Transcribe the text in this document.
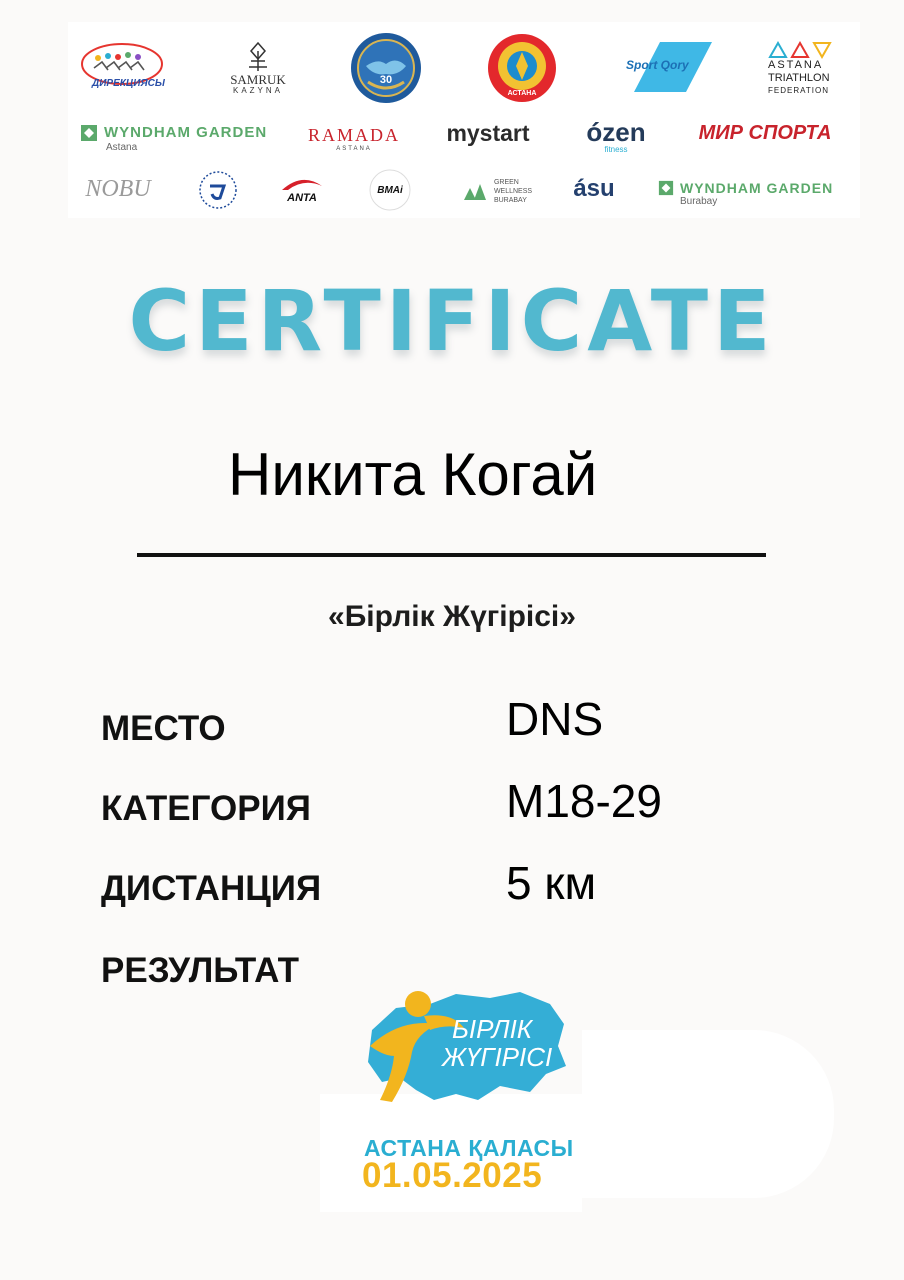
ДИРЕКЦИЯСЫ	SAMRUK
KAZYNA
30
АСТАНА
Sport Qory	ASTANA
TRIATHLON
FEDERATION
WYNDHAM GARDEN
Astana
RAMADA
ASTANA
mystart ózen
fitness
МИР СПОРТА
NOBU	ANTA
BMAi
GREEN
WELLNESS
BURABAY ásu	WYNDHAM GARDEN
Burabay
CERTIFICATE
Никита Когай
«Бірлік Жүгірісі»
МЕСТО	DNS
КАТЕГОРИЯ	М18-29
ДИСТАНЦИЯ	5 км
РЕЗУЛЬТАТ
БІРЛІК
ЖҮГІРІСІ
АСТАНА ҚАЛАСЫ
01.05.2025
